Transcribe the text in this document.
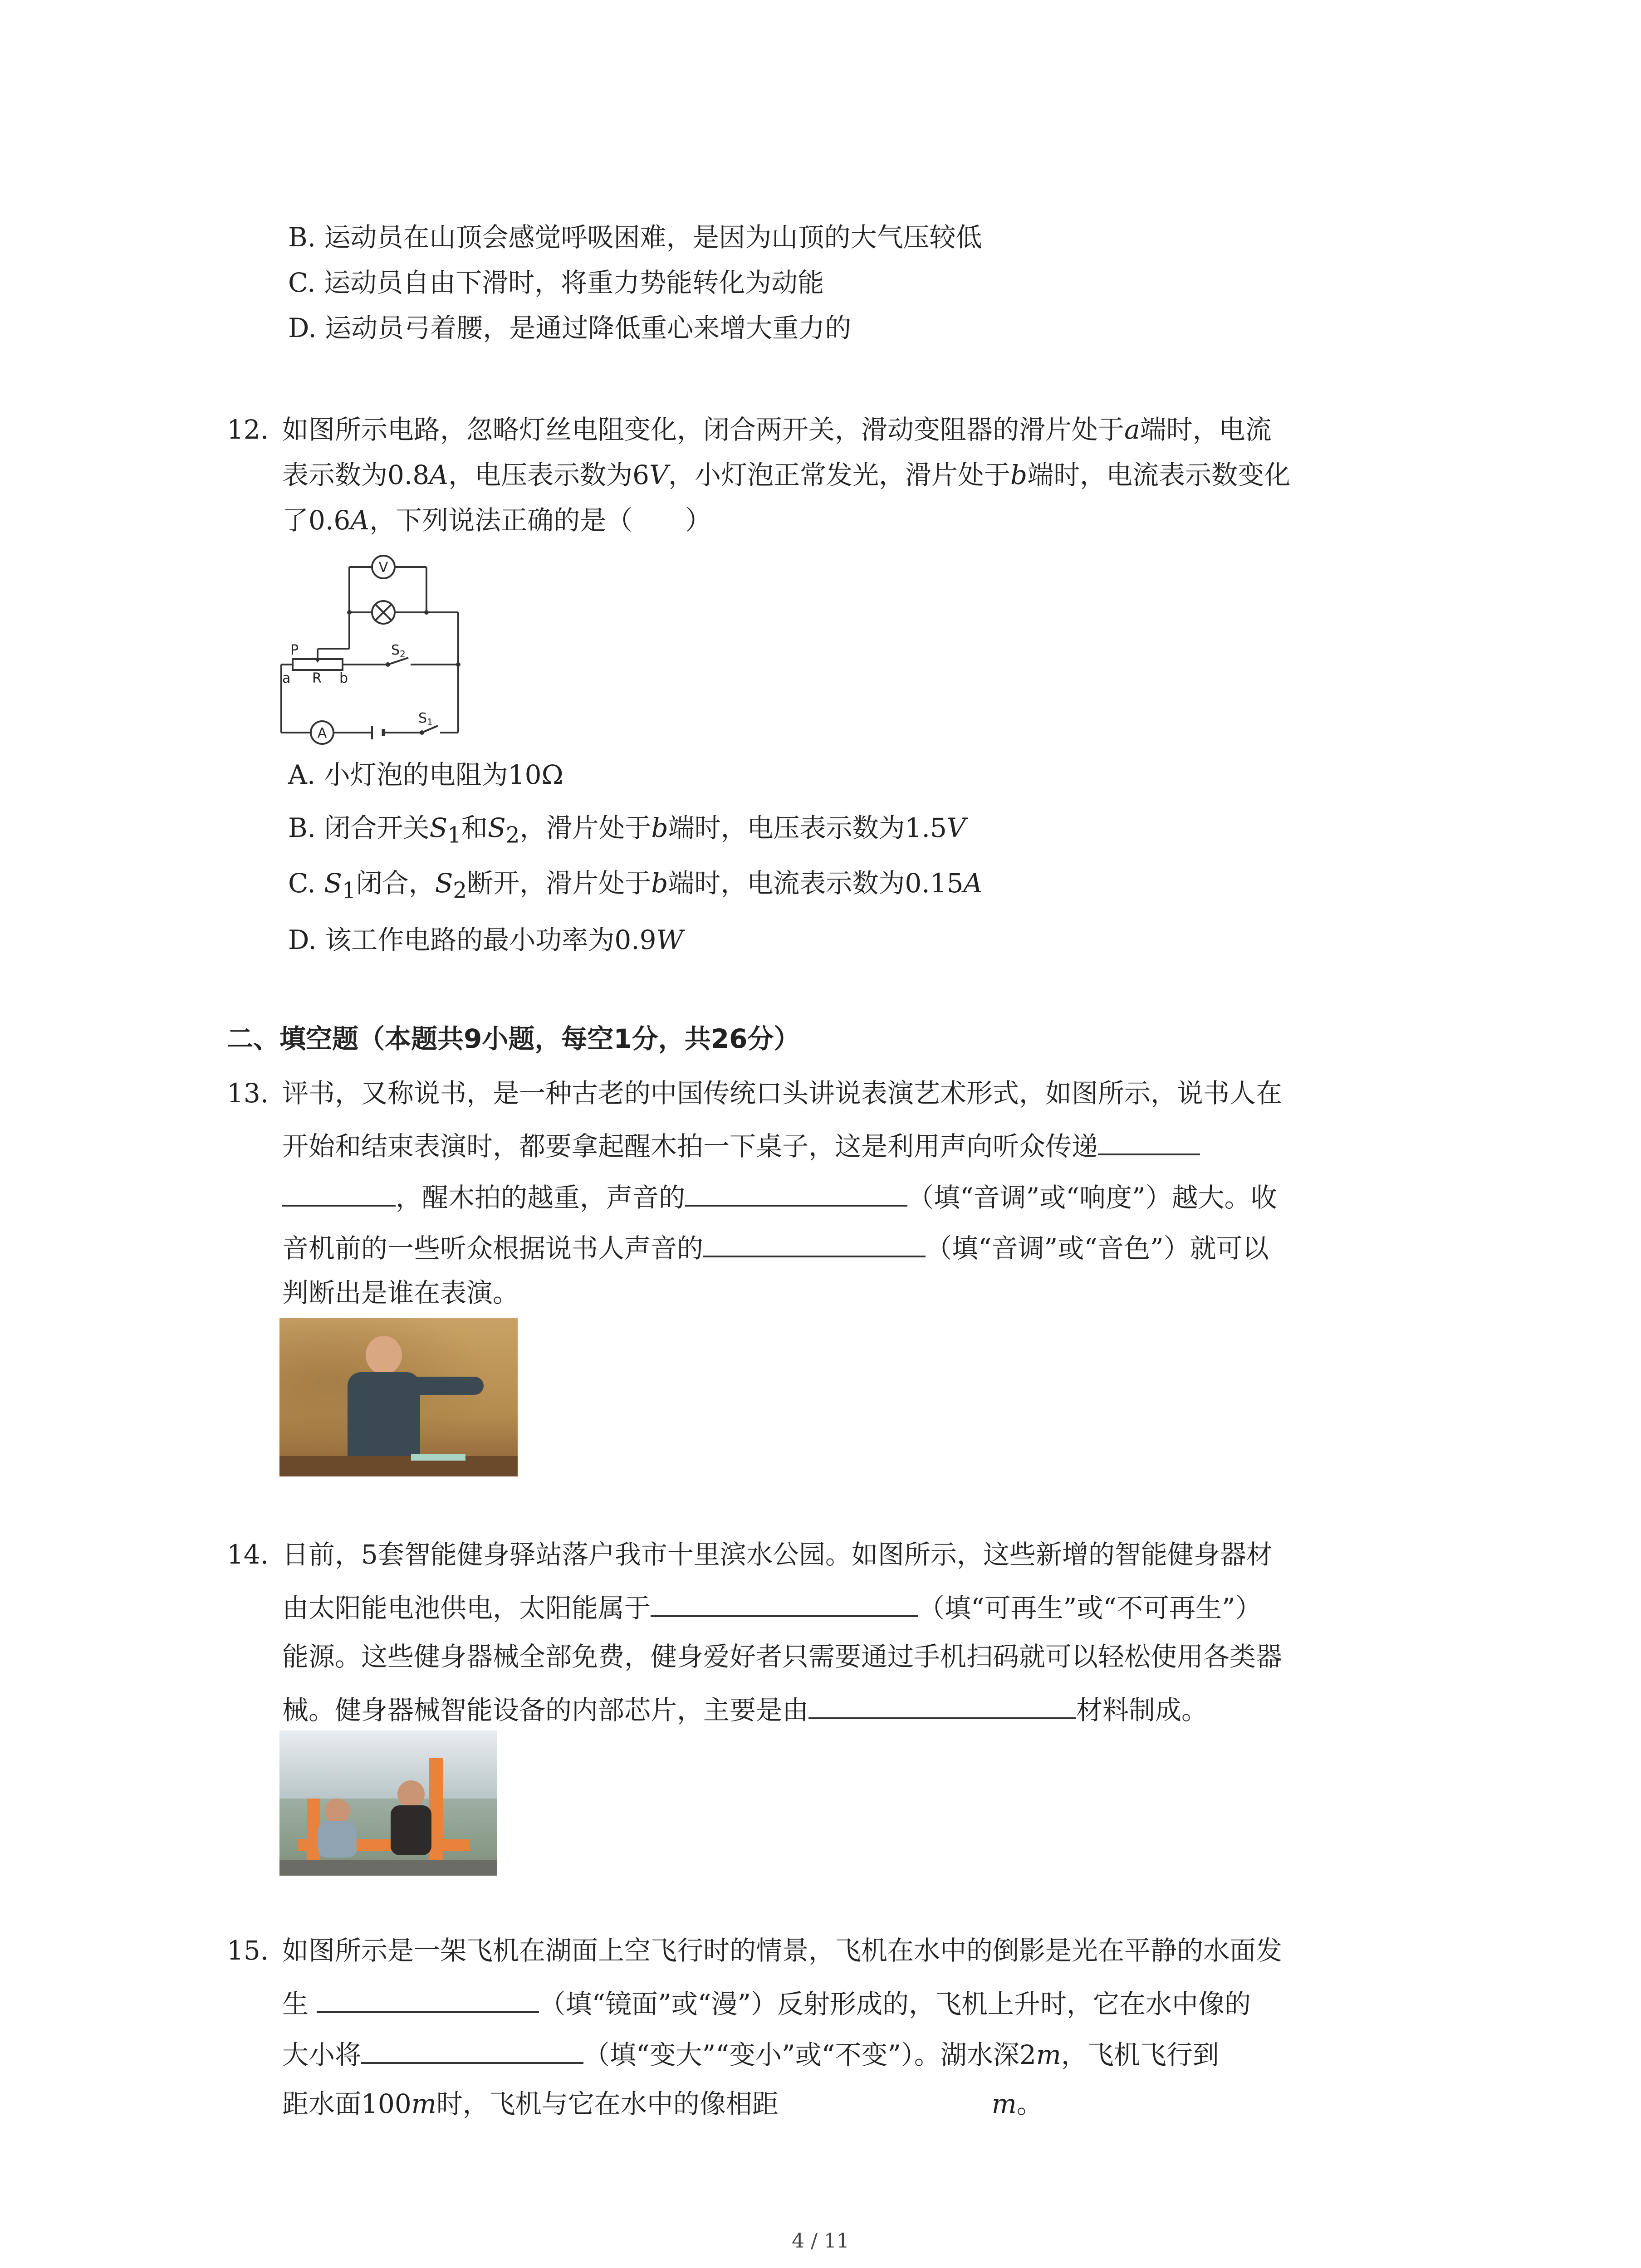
B. 运动员在山顶会感觉呼吸困难，是因为山顶的大气压较低
C. 运动员自由下滑时，将重力势能转化为动能
D. 运动员弓着腰，是通过降低重心来增大重力的
12. 如图所示电路，忽略灯丝电阻变化，闭合两开关，滑动变阻器的滑片处于a端时，电流
表示数为0.8A，电压表示数为6V，小灯泡正常发光，滑片处于b端时，电流表示数变化
了0.6A，下列说法正确的是（　　）
V
A
P
R
a	b
$S_2$
$S_1$
A. 小灯泡的电阻为10Ω
B. 闭合开关$S_1$和$S_2$，滑片处于b端时，电压表示数为1.5V
C. $S_1$闭合，$S_2$断开，滑片处于b端时，电流表示数为0.15A
D. 该工作电路的最小功率为0.9W
二、填空题（本题共9小题，每空1分，共26分）
13. 评书，又称说书，是一种古老的中国传统口头讲说表演艺术形式，如图所示，说书人在
开始和结束表演时，都要拿起醒木拍一下桌子，这是利用声向听众传递
，醒木拍的越重，声音的	（填“音调”或“响度”）越大。收
音机前的一些听众根据说书人声音的	（填“音调”或“音色”）就可以
判断出是谁在表演。
14. 日前，5套智能健身驿站落户我市十里滨水公园。如图所示，这些新增的智能健身器材
由太阳能电池供电，太阳能属于	（填“可再生”或“不可再生”）
能源。这些健身器械全部免费，健身爱好者只需要通过手机扫码就可以轻松使用各类器
械。健身器械智能设备的内部芯片，主要是由	材料制成。
15. 如图所示是一架飞机在湖面上空飞行时的情景，飞机在水中的倒影是光在平静的水面发
生	（填“镜面”或“漫”）反射形成的，飞机上升时，它在水中像的
大小将	（填“变大”“变小”或“不变”）。湖水深2m，飞机飞行到
距水面100m时，飞机与它在水中的像相距	m。
4 / 11
